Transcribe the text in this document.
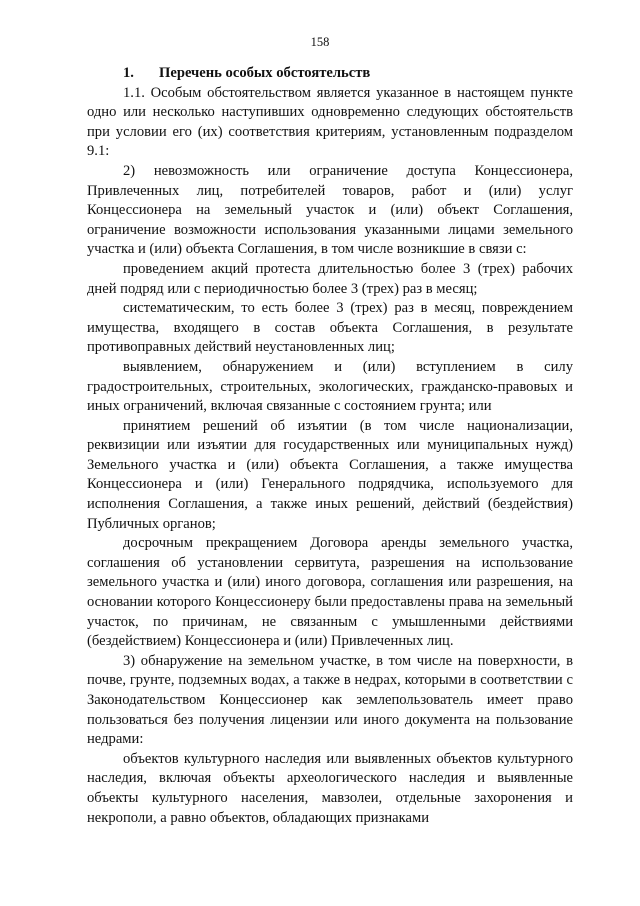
158
1. Перечень особых обстоятельств

1.1. Особым обстоятельством является указанное в настоящем пункте одно или несколько наступивших одновременно следующих обстоятельств при условии его (их) соответствия критериям, установленным подразделом 9.1:

2) невозможность или ограничение доступа Концессионера, Привлеченных лиц, потребителей товаров, работ и (или) услуг Концессионера на земельный участок и (или) объект Соглашения, ограничение возможности использования указанными лицами земельного участка и (или) объекта Соглашения, в том числе возникшие в связи с:

проведением акций протеста длительностью более 3 (трех) рабочих дней подряд или с периодичностью более 3 (трех) раз в месяц;

систематическим, то есть более 3 (трех) раз в месяц, повреждением имущества, входящего в состав объекта Соглашения, в результате противоправных действий неустановленных лиц;

выявлением, обнаружением и (или) вступлением в силу градостроительных, строительных, экологических, гражданско-правовых и иных ограничений, включая связанные с состоянием грунта; или

принятием решений об изъятии (в том числе национализации, реквизиции или изъятии для государственных или муниципальных нужд) Земельного участка и (или) объекта Соглашения, а также имущества Концессионера и (или) Генерального подрядчика, используемого для исполнения Соглашения, а также иных решений, действий (бездействия) Публичных органов;

досрочным прекращением Договора аренды земельного участка, соглашения об установлении сервитута, разрешения на использование земельного участка и (или) иного договора, соглашения или разрешения, на основании которого Концессионеру были предоставлены права на земельный участок, по причинам, не связанным с умышленными действиями (бездействием) Концессионера и (или) Привлеченных лиц.

3) обнаружение на земельном участке, в том числе на поверхности, в почве, грунте, подземных водах, а также в недрах, которыми в соответствии с Законодательством Концессионер как землепользователь имеет право пользоваться без получения лицензии или иного документа на пользование недрами:

объектов культурного наследия или выявленных объектов культурного наследия, включая объекты археологического наследия и выявленные объекты культурного населения, мавзолеи, отдельные захоронения и некрополи, а равно объектов, обладающих признаками
